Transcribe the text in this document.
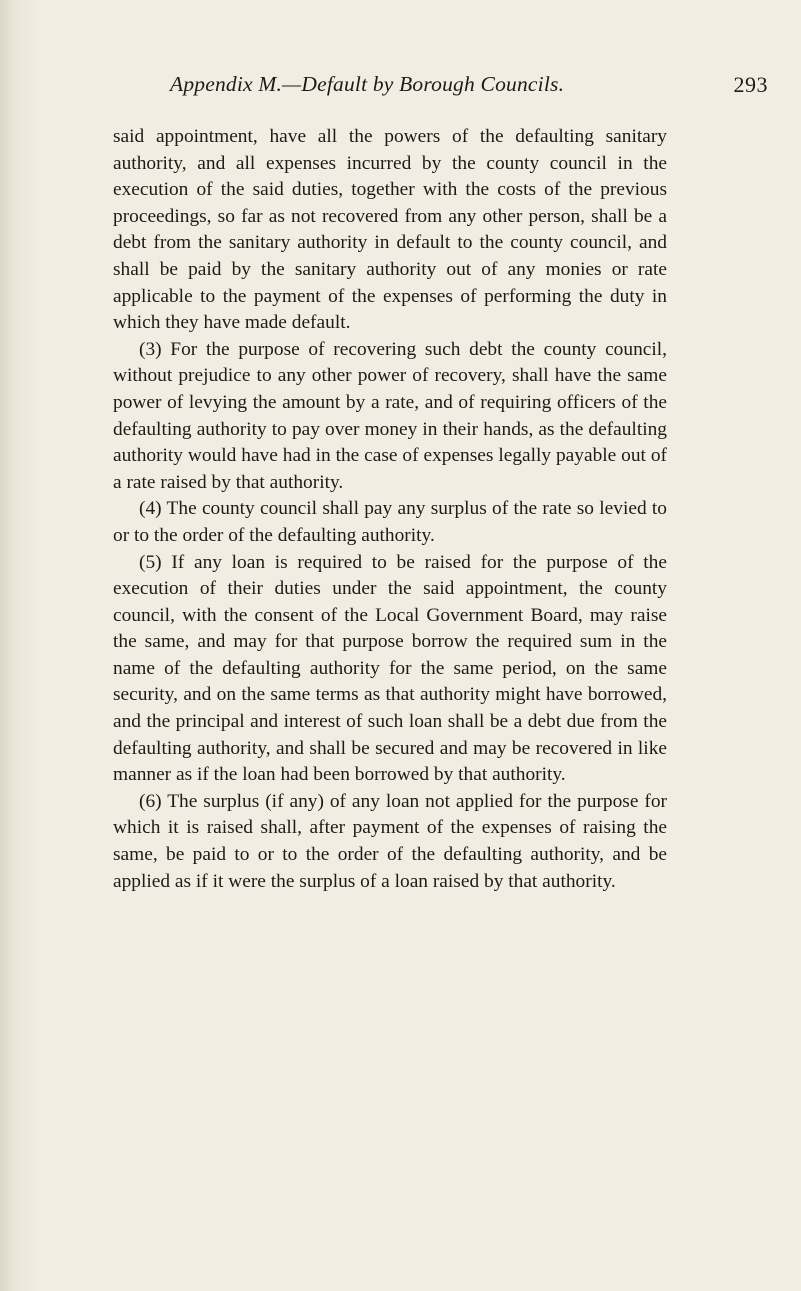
Appendix M.—Default by Borough Councils.	293

said appointment, have all the powers of the defaulting sanitary authority, and all expenses incurred by the county council in the execution of the said duties, together with the costs of the previous proceedings, so far as not recovered from any other person, shall be a debt from the sanitary authority in default to the county council, and shall be paid by the sanitary authority out of any monies or rate applicable to the payment of the expenses of performing the duty in which they have made default.

(3) For the purpose of recovering such debt the county council, without prejudice to any other power of recovery, shall have the same power of levying the amount by a rate, and of requiring officers of the defaulting authority to pay over money in their hands, as the defaulting authority would have had in the case of expenses legally payable out of a rate raised by that authority.

(4) The county council shall pay any surplus of the rate so levied to or to the order of the defaulting authority.

(5) If any loan is required to be raised for the purpose of the execution of their duties under the said appointment, the county council, with the consent of the Local Government Board, may raise the same, and may for that purpose borrow the required sum in the name of the defaulting authority for the same period, on the same security, and on the same terms as that authority might have borrowed, and the principal and interest of such loan shall be a debt due from the defaulting authority, and shall be secured and may be recovered in like manner as if the loan had been borrowed by that authority.

(6) The surplus (if any) of any loan not applied for the purpose for which it is raised shall, after payment of the expenses of raising the same, be paid to or to the order of the defaulting authority, and be applied as if it were the surplus of a loan raised by that authority.
